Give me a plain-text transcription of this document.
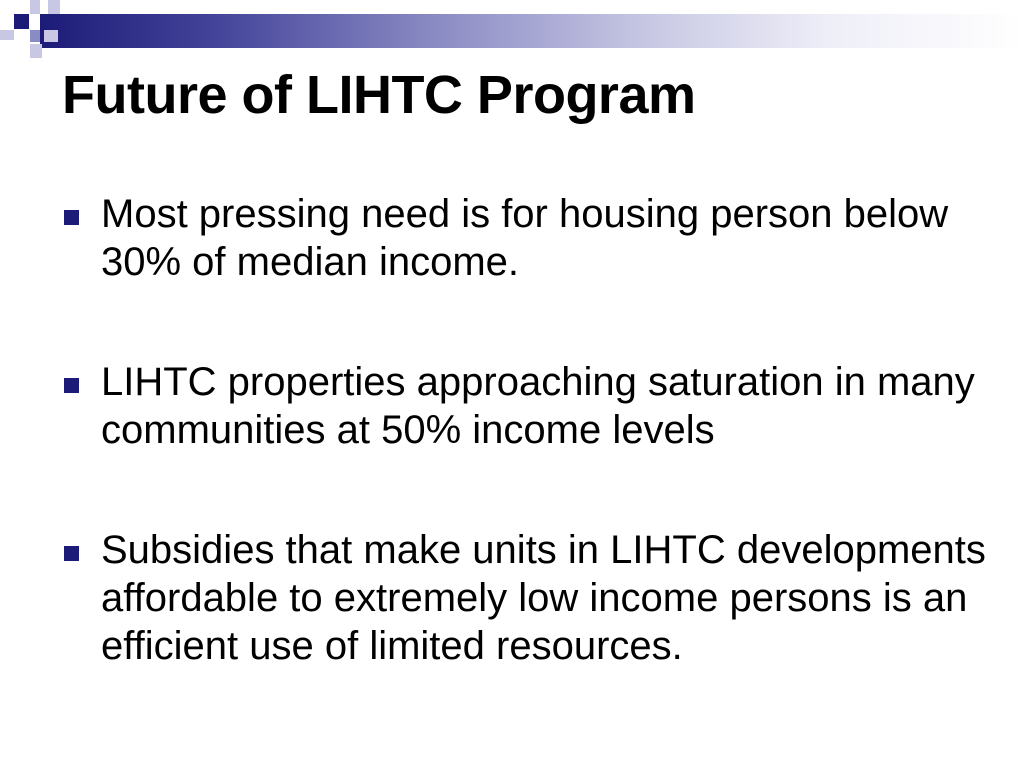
Future of LIHTC Program
Most pressing need is for housing person below 30% of median income.
LIHTC properties approaching saturation in many communities at 50% income levels
Subsidies that make units in LIHTC developments affordable to extremely low income persons is an efficient use of limited resources.
